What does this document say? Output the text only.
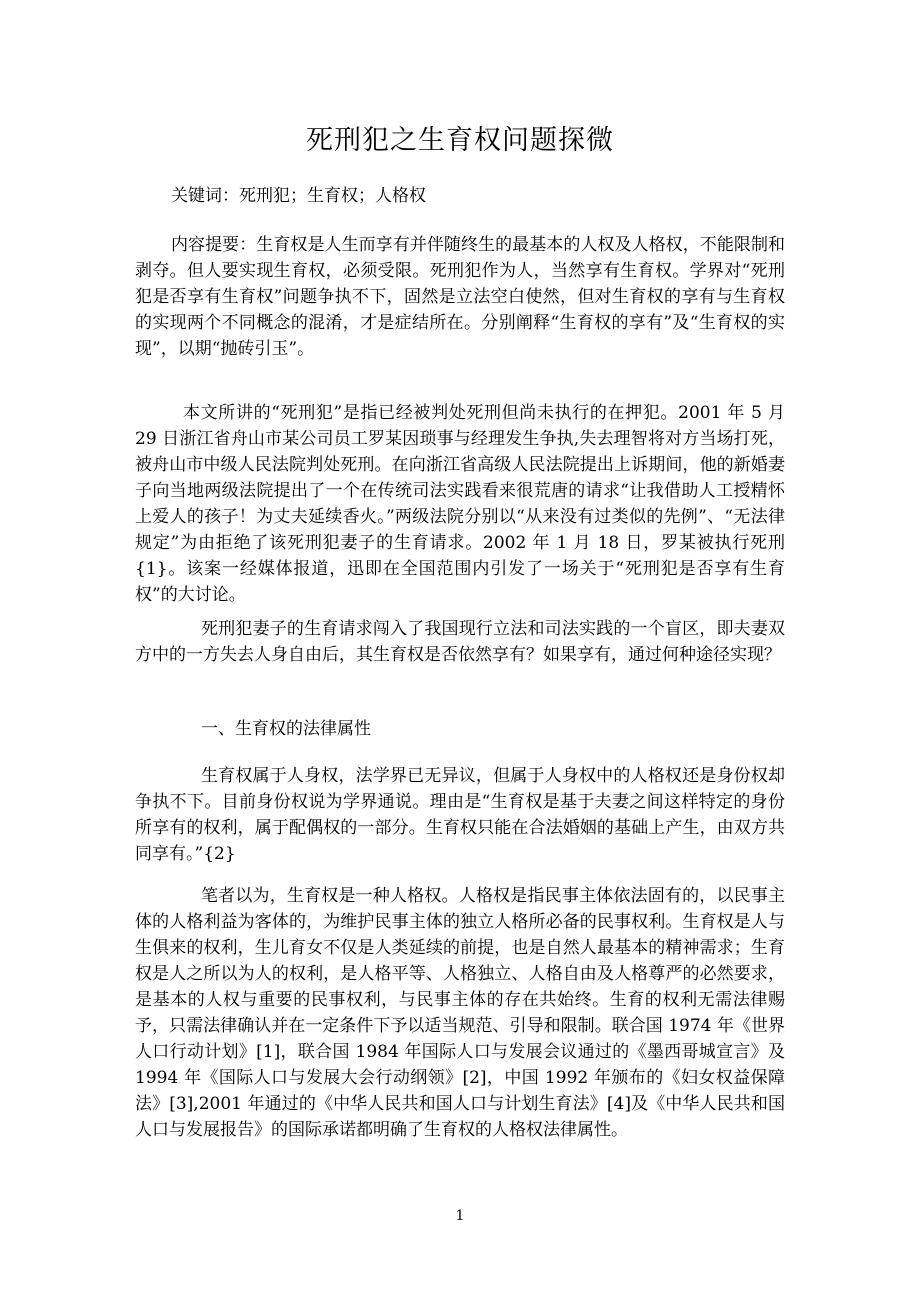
死刑犯之生育权问题探微

关键词：死刑犯；生育权；人格权

内容提要：生育权是人生而享有并伴随终生的最基本的人权及人格权，不能限制和剥夺。但人要实现生育权，必须受限。死刑犯作为人，当然享有生育权。学界对“死刑犯是否享有生育权”问题争执不下，固然是立法空白使然，但对生育权的享有与生育权的实现两个不同概念的混淆，才是症结所在。分别阐释“生育权的享有”及“生育权的实现”，以期“抛砖引玉”。

本文所讲的“死刑犯”是指已经被判处死刑但尚未执行的在押犯。2001 年 5 月 29 日浙江省舟山市某公司员工罗某因琐事与经理发生争执,失去理智将对方当场打死，被舟山市中级人民法院判处死刑。在向浙江省高级人民法院提出上诉期间，他的新婚妻子向当地两级法院提出了一个在传统司法实践看来很荒唐的请求“让我借助人工授精怀上爱人的孩子！为丈夫延续香火。”两级法院分别以“从来没有过类似的先例”、“无法律规定”为由拒绝了该死刑犯妻子的生育请求。2002 年 1 月 18 日，罗某被执行死刑{1}。该案一经媒体报道，迅即在全国范围内引发了一场关于“死刑犯是否享有生育权”的大讨论。

死刑犯妻子的生育请求闯入了我国现行立法和司法实践的一个盲区，即夫妻双方中的一方失去人身自由后，其生育权是否依然享有？如果享有，通过何种途径实现？

一、生育权的法律属性

生育权属于人身权，法学界已无异议，但属于人身权中的人格权还是身份权却争执不下。目前身份权说为学界通说。理由是“生育权是基于夫妻之间这样特定的身份所享有的权利，属于配偶权的一部分。生育权只能在合法婚姻的基础上产生，由双方共同享有。”{2}

笔者以为，生育权是一种人格权。人格权是指民事主体依法固有的，以民事主体的人格利益为客体的，为维护民事主体的独立人格所必备的民事权利。生育权是人与生俱来的权利，生儿育女不仅是人类延续的前提，也是自然人最基本的精神需求；生育权是人之所以为人的权利，是人格平等、人格独立、人格自由及人格尊严的必然要求，是基本的人权与重要的民事权利，与民事主体的存在共始终。生育的权利无需法律赐予，只需法律确认并在一定条件下予以适当规范、引导和限制。联合国 1974 年《世界人口行动计划》[1]，联合国 1984 年国际人口与发展会议通过的《墨西哥城宣言》及 1994 年《国际人口与发展大会行动纲领》[2]，中国 1992 年颁布的《妇女权益保障法》[3],2001 年通过的《中华人民共和国人口与计划生育法》[4]及《中华人民共和国人口与发展报告》的国际承诺都明确了生育权的人格权法律属性。

1
